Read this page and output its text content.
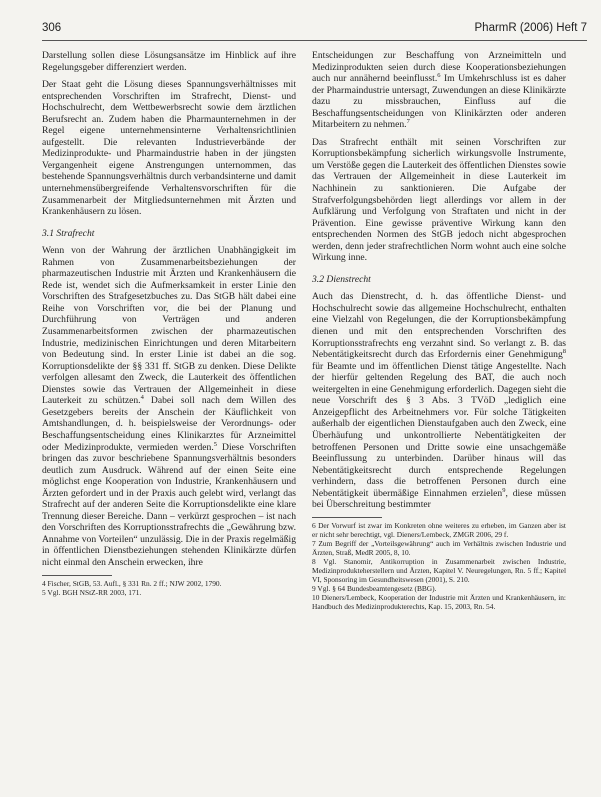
306	PharmR (2006) Heft 7

Darstellung sollen diese Lösungsansätze im Hinblick auf ihre Regelungsgeber differenziert werden.

Der Staat geht die Lösung dieses Spannungsverhältnisses mit entsprechenden Vorschriften im Strafrecht, Dienst- und Hochschulrecht, dem Wettbewerbsrecht sowie dem ärztlichen Berufsrecht an. Zudem haben die Pharmaunternehmen in der Regel eigene unternehmensinterne Verhaltensrichtlinien aufgestellt. Die relevanten Industrieverbände der Medizinprodukte- und Pharmaindustrie haben in der jüngsten Vergangenheit eigene Anstrengungen unternommen, das bestehende Spannungsverhältnis durch verbandsinterne und damit unternehmensübergreifende Verhaltensvorschriften für die Zusammenarbeit der Mitgliedsunternehmen mit Ärzten und Krankenhäusern zu lösen.

3.1 Strafrecht

Wenn von der Wahrung der ärztlichen Unabhängigkeit im Rahmen von Zusammenarbeitsbeziehungen der pharmazeutischen Industrie mit Ärzten und Krankenhäusern die Rede ist, wendet sich die Aufmerksamkeit in erster Linie den Vorschriften des Strafgesetzbuches zu. Das StGB hält dabei eine Reihe von Vorschriften vor, die bei der Planung und Durchführung von Verträgen und anderen Zusammenarbeitsformen zwischen der pharmazeutischen Industrie, medizinischen Einrichtungen und deren Mitarbeitern von Bedeutung sind. In erster Linie ist dabei an die sog. Korruptionsdelikte der §§ 331 ff. StGB zu denken. Diese Delikte verfolgen allesamt den Zweck, die Lauterkeit des öffentlichen Dienstes sowie das Vertrauen der Allgemeinheit in diese Lauterkeit zu schützen.$^4$ Dabei soll nach dem Willen des Gesetzgebers bereits der Anschein der Käuflichkeit von Amtshandlungen, d. h. beispielsweise der Verordnungs- oder Beschaffungsentscheidung eines Klinikarztes für Arzneimittel oder Medizinprodukte, vermieden werden.$^5$ Diese Vorschriften bringen das zuvor beschriebene Spannungsverhältnis besonders deutlich zum Ausdruck. Während auf der einen Seite eine möglichst enge Kooperation von Industrie, Krankenhäusern und Ärzten gefordert und in der Praxis auch gelebt wird, verlangt das Strafrecht auf der anderen Seite die Korruptionsdelikte eine klare Trennung dieser Bereiche. Dann – verkürzt gesprochen – ist nach den Vorschriften des Korruptionsstrafrechts die „Gewährung bzw. Annahme von Vorteilen“ unzulässig. Die in der Praxis regelmäßig in öffentlichen Dienstbeziehungen stehenden Klinikärzte dürfen nicht einmal den Anschein erwecken, ihre

4 Fischer, StGB, 53. Aufl., § 331 Rn. 2 ff.; NJW 2002, 1790.
5 Vgl. BGH NStZ-RR 2003, 171.

Entscheidungen zur Beschaffung von Arzneimitteln und Medizinprodukten seien durch diese Kooperationsbeziehungen auch nur annähernd beeinflusst.$^6$ Im Umkehrschluss ist es daher der Pharmaindustrie untersagt, Zuwendungen an diese Klinikärzte dazu zu missbrauchen, Einfluss auf die Beschaffungsentscheidungen von Klinikärzten oder anderen Mitarbeitern zu nehmen.$^7$

Das Strafrecht enthält mit seinen Vorschriften zur Korruptionsbekämpfung sicherlich wirkungsvolle Instrumente, um Verstöße gegen die Lauterkeit des öffentlichen Dienstes sowie das Vertrauen der Allgemeinheit in diese Lauterkeit im Nachhinein zu sanktionieren. Die Aufgabe der Strafverfolgungsbehörden liegt allerdings vor allem in der Aufklärung und Verfolgung von Straftaten und nicht in der Prävention. Eine gewisse präventive Wirkung kann den entsprechenden Normen des StGB jedoch nicht abgesprochen werden, denn jeder strafrechtlichen Norm wohnt auch eine solche Wirkung inne.

3.2 Dienstrecht

Auch das Dienstrecht, d. h. das öffentliche Dienst- und Hochschulrecht sowie das allgemeine Hochschulrecht, enthalten eine Vielzahl von Regelungen, die der Korruptionsbekämpfung dienen und mit den entsprechenden Vorschriften des Korruptionsstrafrechts eng verzahnt sind. So verlangt z. B. das Nebentätigkeitsrecht durch das Erfordernis einer Genehmigung$^8$ für Beamte und im öffentlichen Dienst tätige Angestellte. Nach der hierfür geltenden Regelung des BAT, die auch noch weitergelten in eine Genehmigung erforderlich. Dagegen sieht die neue Vorschrift des § 3 Abs. 3 TVöD „lediglich eine Anzeigepflicht des Arbeitnehmers vor. Für solche Tätigkeiten außerhalb der eigentlichen Dienstaufgaben auch den Zweck, eine Überhäufung und unkontrollierte Nebentätigkeiten der betroffenen Personen und Dritte sowie eine unsachgemäße Beeinflussung zu unterbinden. Darüber hinaus will das Nebentätigkeitsrecht durch entsprechende Regelungen verhindern, dass die betroffenen Personen durch eine Nebentätigkeit übermäßige Einnahmen erzielen$^9$, diese müssen bei Überschreitung bestimmter

6 Der Vorwurf ist zwar im Konkreten ohne weiteres zu erheben, im Ganzen aber ist er nicht sehr berechtigt, vgl. Dieners/Lembeck, ZMGR 2006, 29 f.
7 Zum Begriff der „Vorteilsgewährung“ auch im Verhältnis zwischen Industrie und Ärzten, Straß, MedR 2005, 8, 10.
8 Vgl. Stanomir, Antikorruption in Zusammenarbeit zwischen Industrie, Medizinprodukteherstellern und Ärzten, Kapitel V. Neuregelungen, Rn. 5 ff.; Kapitel VI, Sponsoring im Gesundheitswesen (2001), S. 210.
9 Vgl. § 64 Bundesbeamtengesetz (BBG).
10 Dieners/Lembeck, Kooperation der Industrie mit Ärzten und Krankenhäusern, in: Handbuch des Medizinprodukterechts, Kap. 15, 2003, Rn. 54.
